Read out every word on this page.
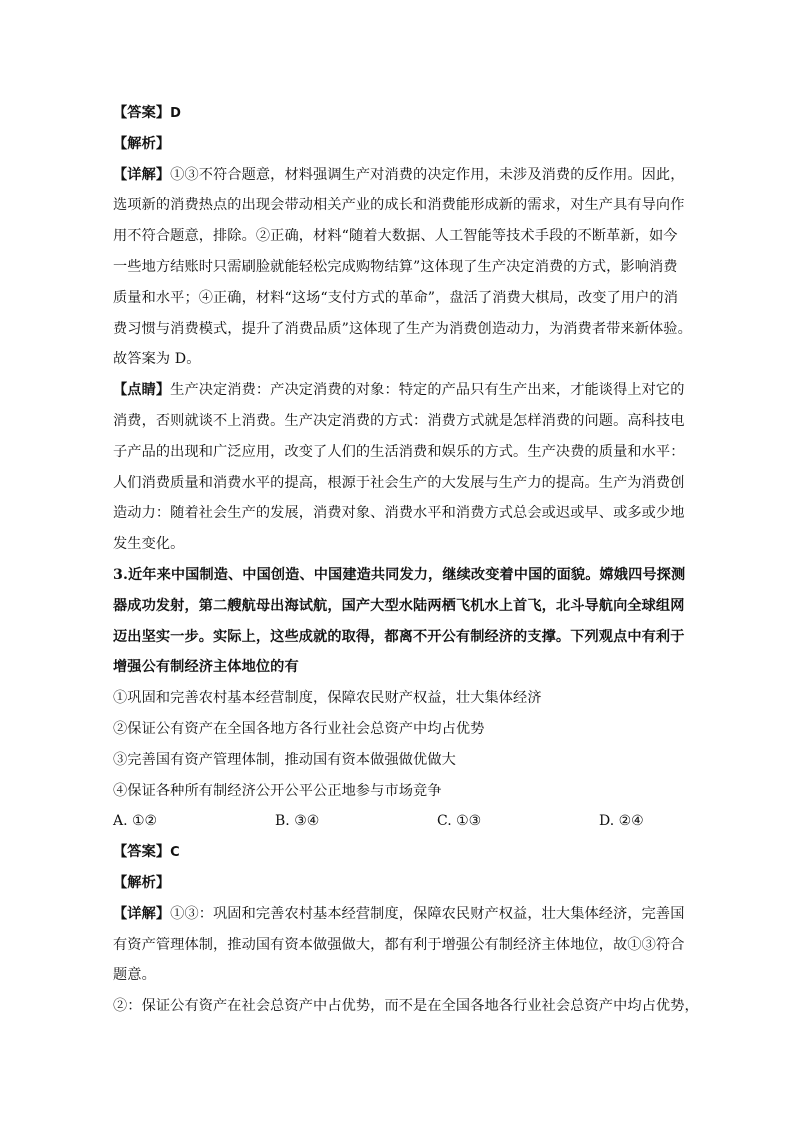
【答案】D
【解析】
【详解】①③不符合题意，材料强调生产对消费的决定作用，未涉及消费的反作用。因此，
选项新的消费热点的出现会带动相关产业的成长和消费能形成新的需求，对生产具有导向作
用不符合题意，排除。②正确，材料“随着大数据、人工智能等技术手段的不断革新，如今
一些地方结账时只需刷脸就能轻松完成购物结算”这体现了生产决定消费的方式，影响消费
质量和水平；④正确，材料“这场“支付方式的革命”，盘活了消费大棋局，改变了用户的消
费习惯与消费模式，提升了消费品质”这体现了生产为消费创造动力，为消费者带来新体验。
故答案为 D。
【点睛】生产决定消费：产决定消费的对象：特定的产品只有生产出来，才能谈得上对它的
消费，否则就谈不上消费。生产决定消费的方式：消费方式就是怎样消费的问题。高科技电
子产品的出现和广泛应用，改变了人们的生活消费和娱乐的方式。生产决费的质量和水平：
人们消费质量和消费水平的提高，根源于社会生产的大发展与生产力的提高。生产为消费创
造动力：随着社会生产的发展，消费对象、消费水平和消费方式总会或迟或早、或多或少地
发生变化。
3.近年来中国制造、中国创造、中国建造共同发力，继续改变着中国的面貌。嫦娥四号探测
器成功发射，第二艘航母出海试航，国产大型水陆两栖飞机水上首飞，北斗导航向全球组网
迈出坚实一步。实际上，这些成就的取得，都离不开公有制经济的支撑。下列观点中有利于
增强公有制经济主体地位的有
①巩固和完善农村基本经营制度，保障农民财产权益，壮大集体经济
②保证公有资产在全国各地方各行业社会总资产中均占优势
③完善国有资产管理体制，推动国有资本做强做优做大
④保证各种所有制经济公开公平公正地参与市场竞争
A. ①②	B. ③④	C. ①③	D. ②④
【答案】C
【解析】
【详解】①③：巩固和完善农村基本经营制度，保障农民财产权益，壮大集体经济，完善国
有资产管理体制，推动国有资本做强做大，都有利于增强公有制经济主体地位，故①③符合
题意。
②：保证公有资产在社会总资产中占优势，而不是在全国各地各行业社会总资产中均占优势，
